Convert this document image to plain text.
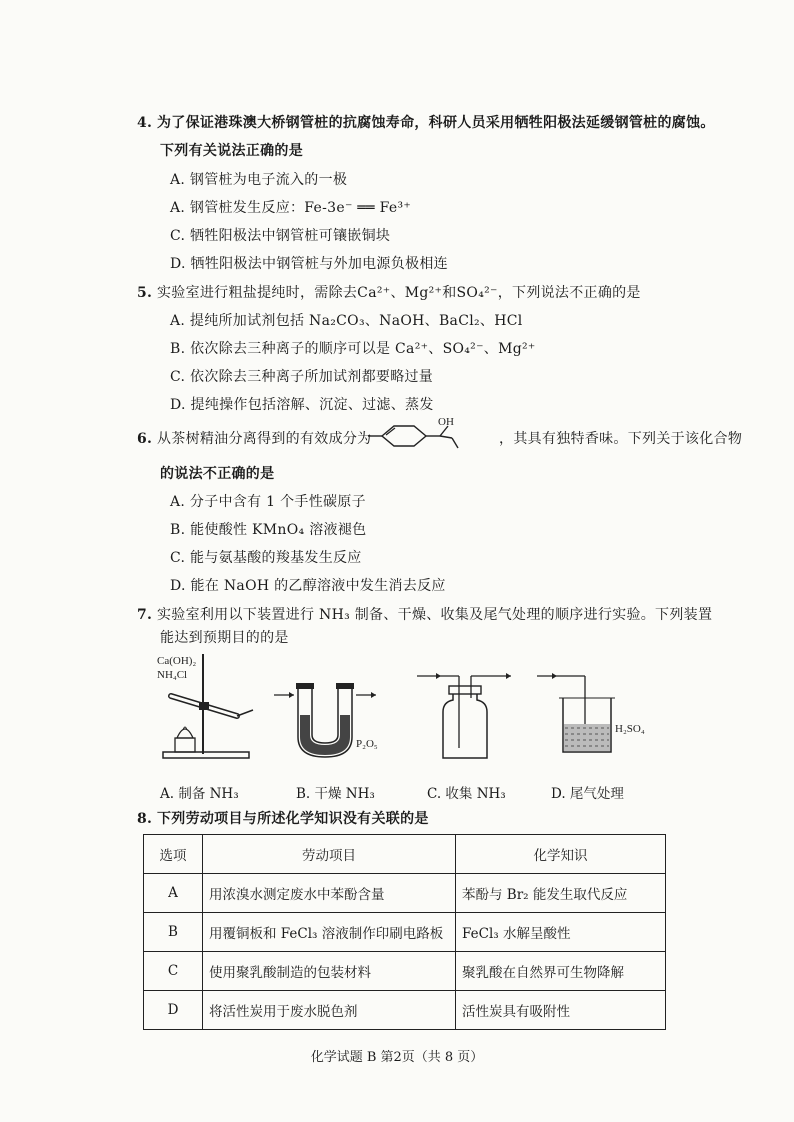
4. 为了保证港珠澳大桥钢管桩的抗腐蚀寿命，科研人员采用牺牲阳极法延缓钢管桩的腐蚀。
下列有关说法正确的是
A. 钢管桩为电子流入的一极
A. 钢管桩发生反应：Fe-3e⁻ ══ Fe³⁺
C. 牺牲阳极法中钢管桩可镶嵌铜块
D. 牺牲阳极法中钢管桩与外加电源负极相连
5. 实验室进行粗盐提纯时，需除去Ca²⁺、Mg²⁺和SO₄²⁻，下列说法不正确的是
A. 提纯所加试剂包括 Na₂CO₃、NaOH、BaCl₂、HCl
B. 依次除去三种离子的顺序可以是 Ca²⁺、SO₄²⁻、Mg²⁺
C. 依次除去三种离子所加试剂都要略过量
D. 提纯操作包括溶解、沉淀、过滤、蒸发
6. 从茶树精油分离得到的有效成分为	，其具有独特香味。下列关于该化合物
OH
的说法不正确的是
A. 分子中含有 1 个手性碳原子
B. 能使酸性 KMnO₄ 溶液褪色
C. 能与氨基酸的羧基发生反应
D. 能在 NaOH 的乙醇溶液中发生消去反应
7. 实验室利用以下装置进行 NH₃ 制备、干燥、收集及尾气处理的顺序进行实验。下列装置
能达到预期目的的是
Ca(OH)₂
NH₄Cl
P₂O₅
H₂SO₄
A. 制备 NH₃	B. 干燥 NH₃	C. 收集 NH₃	D. 尾气处理
8. 下列劳动项目与所述化学知识没有关联的是
选项	劳动项目	化学知识
A	用浓溴水测定废水中苯酚含量	苯酚与 Br₂ 能发生取代反应
B	用覆铜板和 FeCl₃ 溶液制作印刷电路板	FeCl₃ 水解呈酸性
C	使用聚乳酸制造的包装材料	聚乳酸在自然界可生物降解
D	将活性炭用于废水脱色剂	活性炭具有吸附性
化学试题 B 第2页（共 8 页）
